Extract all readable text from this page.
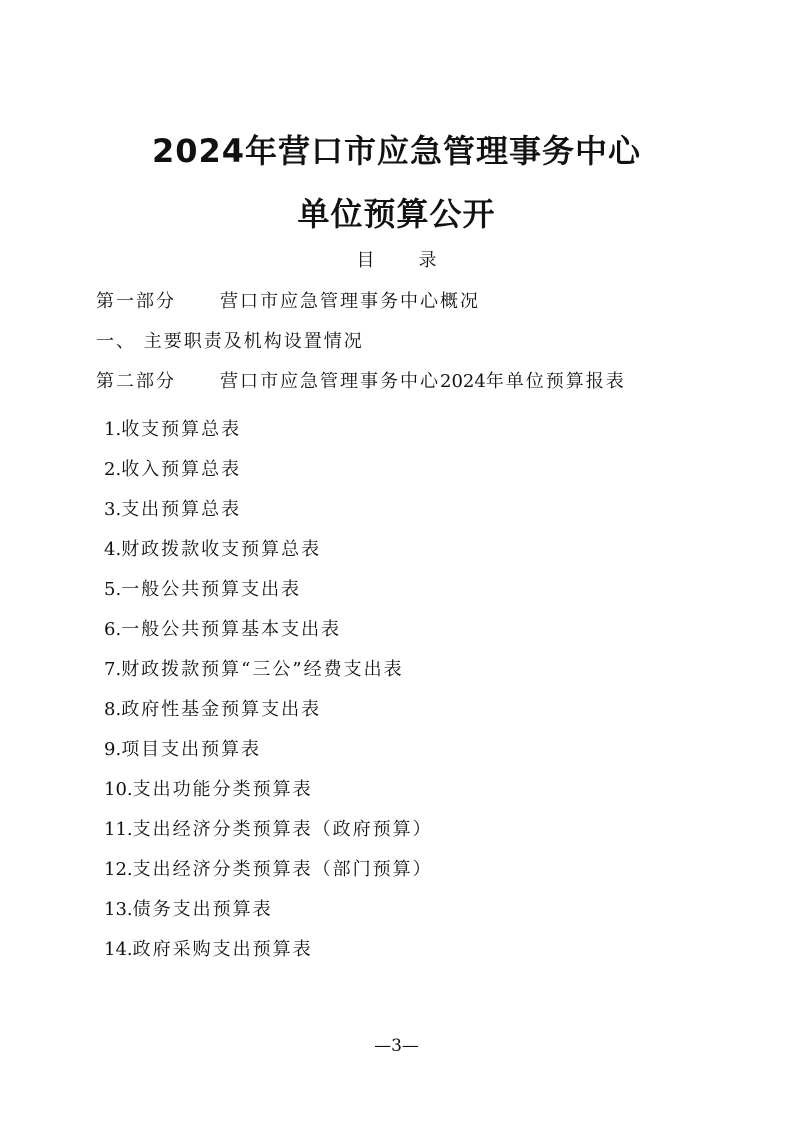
2024年营口市应急管理事务中心
单位预算公开
目 录
第一部分 营口市应急管理事务中心概况
一、 主要职责及机构设置情况
第二部分 营口市应急管理事务中心2024年单位预算报表
1.收支预算总表
2.收入预算总表
3.支出预算总表
4.财政拨款收支预算总表
5.一般公共预算支出表
6.一般公共预算基本支出表
7.财政拨款预算“三公”经费支出表
8.政府性基金预算支出表
9.项目支出预算表
10.支出功能分类预算表
11.支出经济分类预算表（政府预算）
12.支出经济分类预算表（部门预算）
13.债务支出预算表
14.政府采购支出预算表
—3—
